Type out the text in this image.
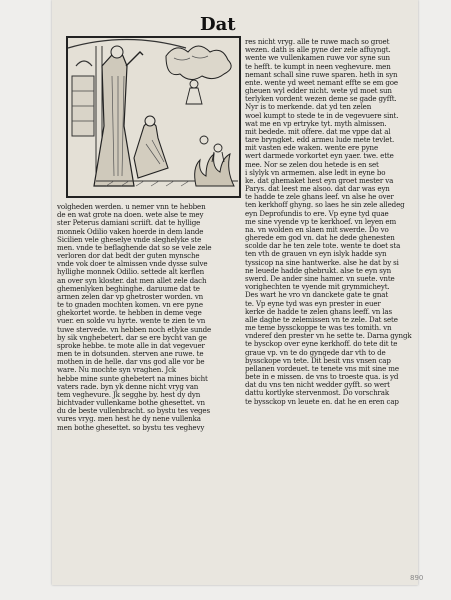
Dat
volgheden werden. u nemer vnn te hebben
de en wat grote na doen. wete alse te mey
ster Peterus damiani scriift. dat te hyllige
monnek Odilio vaken hoerde in dem lande
Sicilien vele gheselye vnde sleghelyke ste
men. vnde te beflaghende dat so se vele zele
verloren dor dat bedt der guten mynsche
vnde vok doer te almissen vnde dysse sulve
hyllighe monnek Odilio. settede alt kerflen
an over syn kloster. dat men allet zele dach
ghemenlyken beghinghe. daruume dat te
armen zelen dar vp ghetroster worden. vn
te to gnaden mochten komen. vn ere pyne
ghekortet worde. te hebben in deme vege
vuer. en solde vu hyrte. wente te zien te vn
tuwe stervede. vn hebben noch etlyke sunde
by sik vnghebetert. dar se ere bycht van ge
sproke hebbe. te mote alle in dat vegevuer
men te in dotsunden. sterven ane ruwe. te
mothen in de helle. dar vns god alle vor be
ware. Nu mochte syn vraghen. Jck
hebbe mine sunte ghebetert na mines bicht
vaters rade. byn yk denne nicht vryg van
tem veghevure. Jk segghe by. hest dy dyn
bichtvader vullenkame bothe ghesettet. vn
du de beste vullenbracht. so bystu tes veges
vures vryg. men hest he dy nene vullenka
men bothe ghesettet. so bystu tes veghevy
res nicht vryg. alle te ruwe mach so groet
wezen. dath is alle pyne der zele affuyngt.
wente we vullenkamen ruwe vor syne sun
te hefft. te kumpt in neen veghevure. men
nemant schall sine ruwe sparen. heth in syn
ente. wente yd weet nemant effte se em goe
gheuen wyl edder nicht. wete yd moet sun
terlyken vordent wezen deme se gade gyfft.
Nyr is to merkende. dat yd ten zelen
woel kumpt to stede te in de vegevuere sint.
wat me en vp ertryke tyt. myth almissen.
mit bedede. mit offere. dat me vppe dat al
tare bryngket. edd armeu lude mete tevlet.
mit vasten ede waken. wente ere pyne
wert darmede vorkortet eyn yaer. twe. ette
mee. Nor se zelen dou hetede is en set
i slylyk vn armemen. alse ledt in eyne bo
ke. dat ghemaket hest eyn groet mester va
Parys. dat leest me alsoo. dat dar was eyn
te hadde te zele ghans leef. vn alse he over
ten kerkhoff ghyng. so laes he sin zele alledeg
eyn Deprofundis to ere. Vp eyne tyd quae
me sine vyende vp te kerkhoef. vn leyen em
na. vn wolden en slaen mit swerde. Do vo
gherede em god vn. dat he dede ghenesten
scolde dar he ten zele tote. wente te doet sta
ten vth de grauen vn eyn islyk hadde syn
tyssicop na sine hantwerke. alse he dat by si
ne leuede hadde ghebrukt. alse te eyn syn
swerd. De ander sine hamer. vn suete. vnte
vorighechten te vyende mit grymmicheyt.
Des wart he vro vn danckete gate te gnat
te. Vp eyne tyd was eyn prester in euer
kerke de hadde te zelen ghans leeff. vn las
alle daghe te zelemissen vn te zele. Dat sete
me teme byssckoppe te was tes tomith. vn
vnderef den prester vn he sette te. Darna gyngk
te bysckop over eyne kerkhoff. do tete dit te
graue vp. vn te do gyngede dar vth to de
byssckope vn tete. Dit besit vns vnsen cap
pellanen vordeuet. te tenete vns mit sine me
bete in e missen. de vns to troeste qua. is yd
dat du vns ten nicht wedder gyfft. so wert
dattu kortlyke stervenmost. Do vorschrak
te byssckop vn leuete en. dat he en eren cap
890
